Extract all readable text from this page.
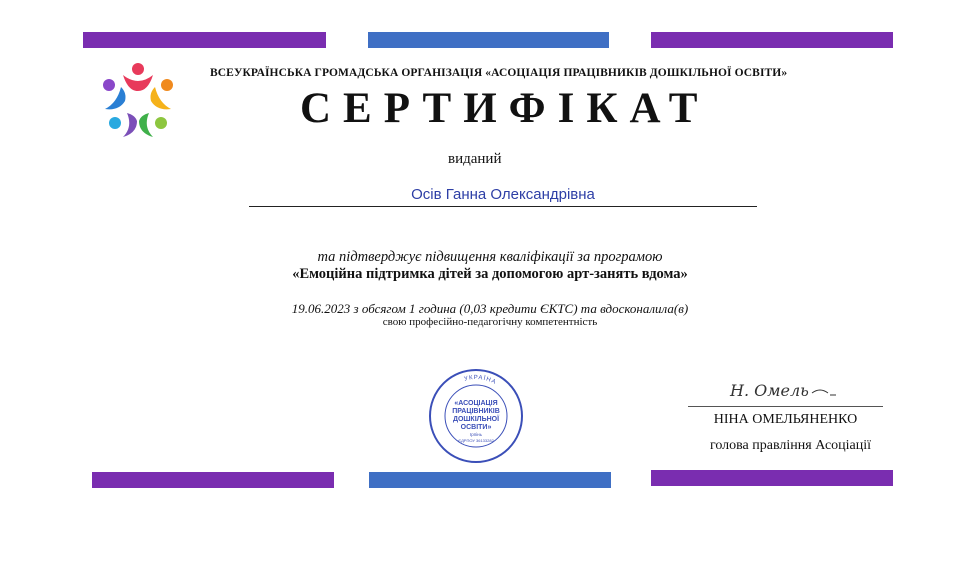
ВСЕУКРАЇНСЬКА ГРОМАДСЬКА ОРГАНІЗАЦІЯ «АСОЦІАЦІЯ ПРАЦІВНИКІВ ДОШКІЛЬНОЇ ОСВІТИ»
СЕРТИФІКАТ
виданий
Осів Ганна Олександрівна
та підтверджує підвищення кваліфікації за програмою
«Емоційна підтримка дітей за допомогою арт-занять вдома»
19.06.2023 з обсягом 1 година (0,03 кредити ЄКТС) та вдосконалила(в)
свою професійно-педагогічну компетентність
УКРАЇНА
«АСОЦІАЦІЯ
ПРАЦІВНИКІВ
ДОШКІЛЬНОЇ
ОСВІТИ»
Ірпінь
ЄДРПОУ 36133282
Н. Омель
НІНА ОМЕЛЬЯНЕНКО
голова правління Асоціації
